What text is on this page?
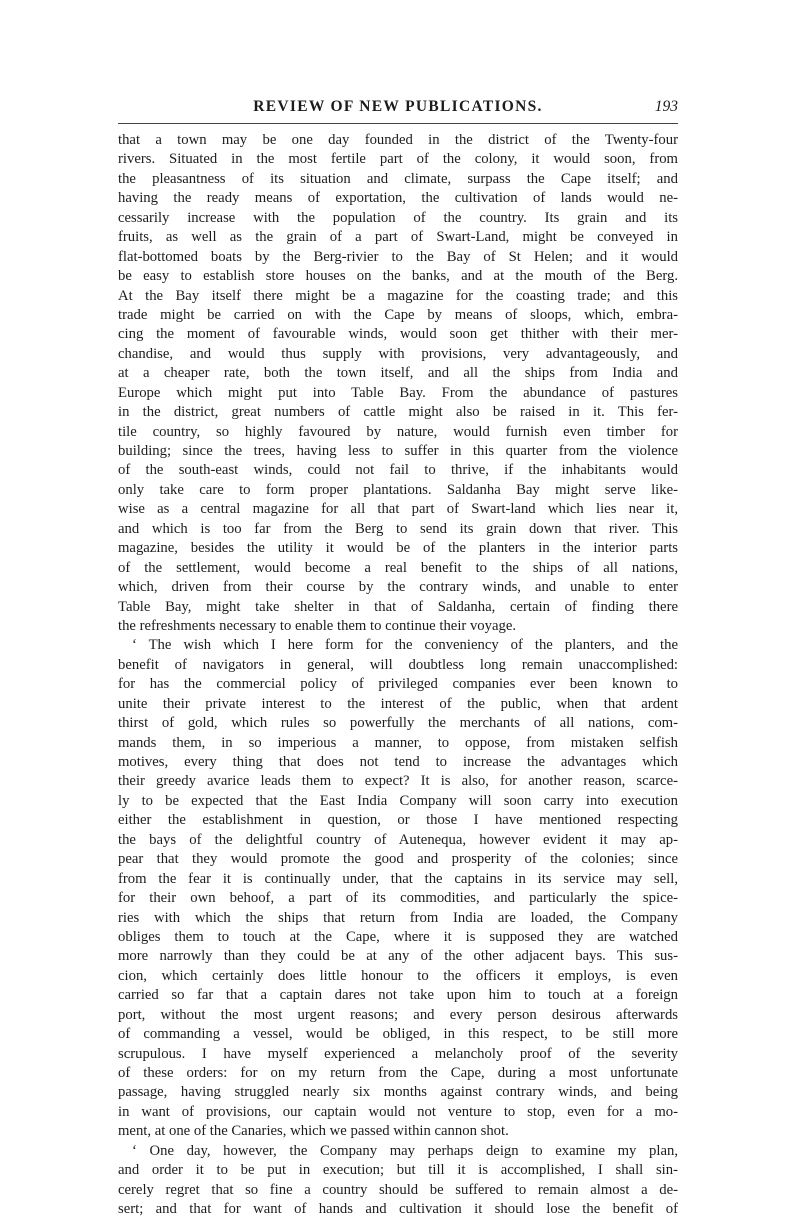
REVIEW OF NEW PUBLICATIONS.	193
that a town may be one day founded in the district of the Twenty-four
rivers. Situated in the most fertile part of the colony, it would soon, from
the pleasantness of its situation and climate, surpass the Cape itself; and
having the ready means of exportation, the cultivation of lands would ne-
cessarily increase with the population of the country. Its grain and its
fruits, as well as the grain of a part of Swart-Land, might be conveyed in
flat-bottomed boats by the Berg-rivier to the Bay of St Helen; and it would
be easy to establish store houses on the banks, and at the mouth of the Berg.
At the Bay itself there might be a magazine for the coasting trade; and this
trade might be carried on with the Cape by means of sloops, which, embra-
cing the moment of favourable winds, would soon get thither with their mer-
chandise, and would thus supply with provisions, very advantageously, and
at a cheaper rate, both the town itself, and all the ships from India and
Europe which might put into Table Bay. From the abundance of pastures
in the district, great numbers of cattle might also be raised in it. This fer-
tile country, so highly favoured by nature, would furnish even timber for
building; since the trees, having less to suffer in this quarter from the violence
of the south-east winds, could not fail to thrive, if the inhabitants would
only take care to form proper plantations. Saldanha Bay might serve like-
wise as a central magazine for all that part of Swart-land which lies near it,
and which is too far from the Berg to send its grain down that river. This
magazine, besides the utility it would be of the planters in the interior parts
of the settlement, would become a real benefit to the ships of all nations,
which, driven from their course by the contrary winds, and unable to enter
Table Bay, might take shelter in that of Saldanha, certain of finding there
the refreshments necessary to enable them to continue their voyage.
‘ The wish which I here form for the conveniency of the planters, and the
benefit of navigators in general, will doubtless long remain unaccomplished:
for has the commercial policy of privileged companies ever been known to
unite their private interest to the interest of the public, when that ardent
thirst of gold, which rules so powerfully the merchants of all nations, com-
mands them, in so imperious a manner, to oppose, from mistaken selfish
motives, every thing that does not tend to increase the advantages which
their greedy avarice leads them to expect? It is also, for another reason, scarce-
ly to be expected that the East India Company will soon carry into execution
either the establishment in question, or those I have mentioned respecting
the bays of the delightful country of Autenequa, however evident it may ap-
pear that they would promote the good and prosperity of the colonies; since
from the fear it is continually under, that the captains in its service may sell,
for their own behoof, a part of its commodities, and particularly the spice-
ries with which the ships that return from India are loaded, the Company
obliges them to touch at the Cape, where it is supposed they are watched
more narrowly than they could be at any of the other adjacent bays. This sus-
cion, which certainly does little honour to the officers it employs, is even
carried so far that a captain dares not take upon him to touch at a foreign
port, without the most urgent reasons; and every person desirous afterwards
of commanding a vessel, would be obliged, in this respect, to be still more
scrupulous. I have myself experienced a melancholy proof of the severity
of these orders: for on my return from the Cape, during a most unfortunate
passage, having struggled nearly six months against contrary winds, and being
in want of provisions, our captain would not venture to stop, even for a mo-
ment, at one of the Canaries, which we passed within cannon shot.
‘ One day, however, the Company may perhaps deign to examine my plan,
and order it to be put in execution; but till it is accomplished, I shall sin-
cerely regret that so fine a country should be suffered to remain almost a de-
sert; and that for want of hands and cultivation it should lose the benefit of
